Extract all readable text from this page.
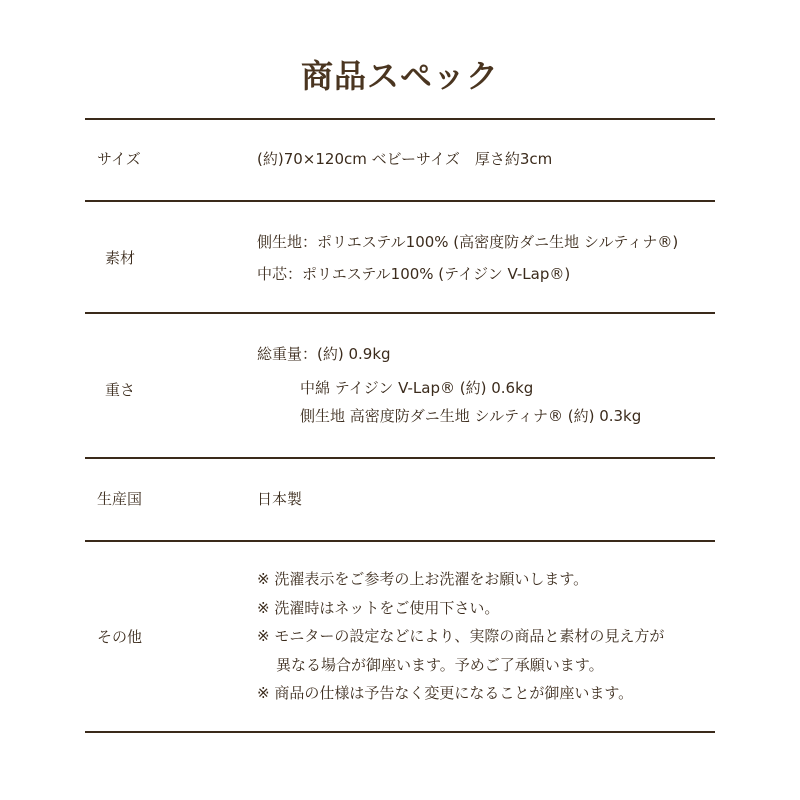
商品スペック
サイズ	(約)70×120cm ベビーサイズ　厚さ約3cm
素材
側生地：ポリエステル100% (高密度防ダニ生地 シルティナ®)
中芯：ポリエステル100% (テイジン V-Lap®)
重さ
総重量：(約) 0.9kg
中綿 テイジン V-Lap® (約) 0.6kg
側生地 高密度防ダニ生地 シルティナ® (約) 0.3kg
生産国	日本製
その他
※ 洗濯表示をご参考の上お洗濯をお願いします。
※ 洗濯時はネットをご使用下さい。
※ モニターの設定などにより、実際の商品と素材の見え方が
異なる場合が御座います。予めご了承願います。
※ 商品の仕様は予告なく変更になることが御座います。
